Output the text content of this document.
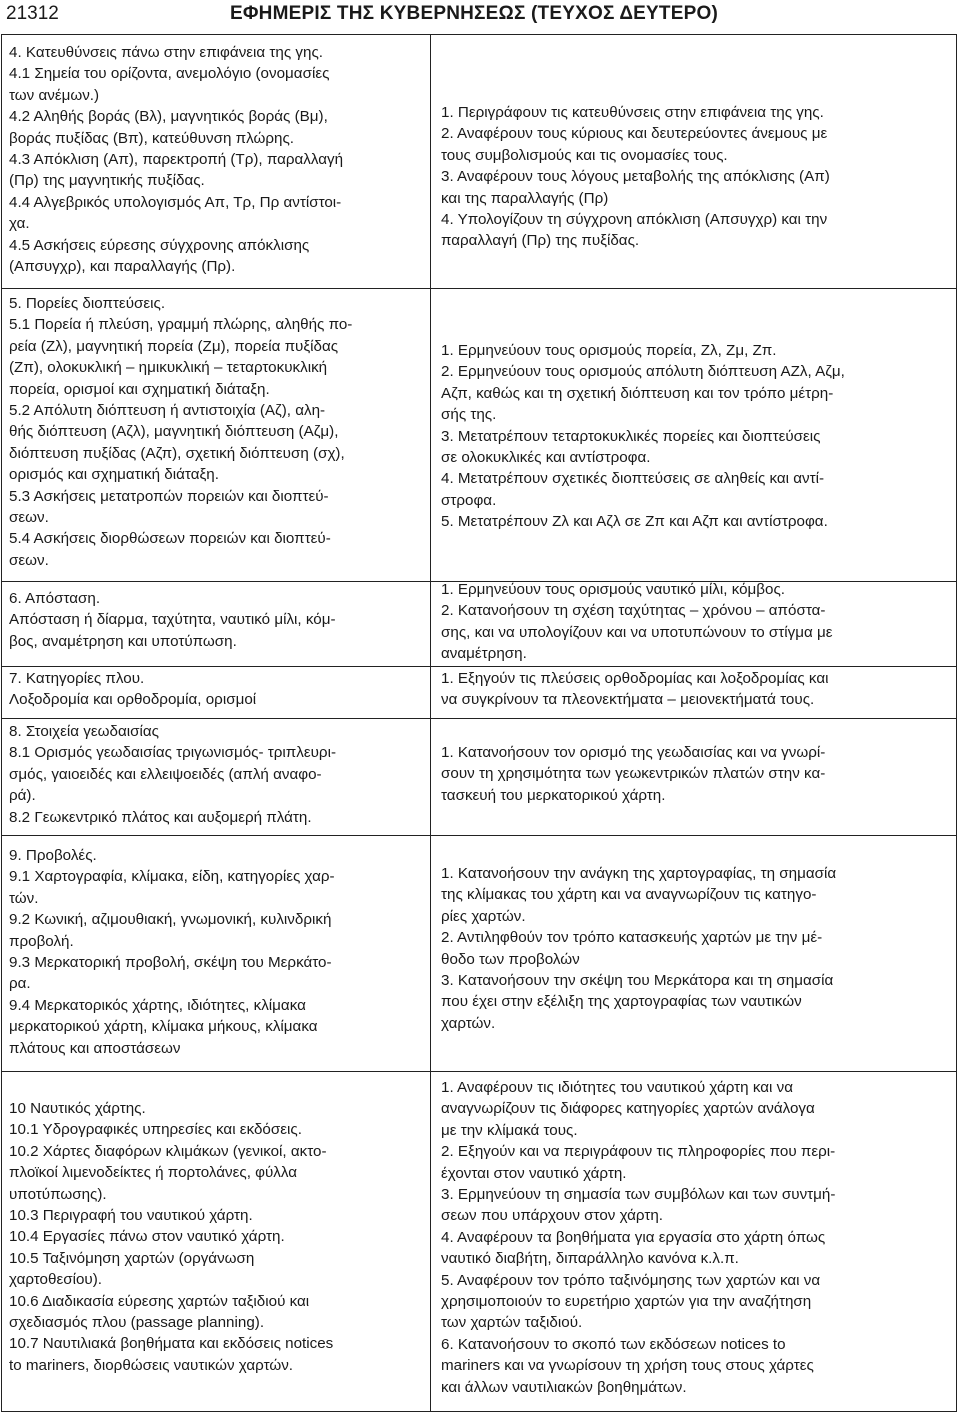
21312	ΕΦΗΜΕΡΙΣ ΤΗΣ ΚΥΒΕΡΝΗΣΕΩΣ (ΤΕΥΧΟΣ ΔΕΥΤΕΡΟ)
4. Κατευθύνσεις πάνω στην επιφάνεια της γης.
4.1 Σημεία του ορίζοντα, ανεμολόγιο (ονομασίες
των ανέμων.)
4.2 Αληθής βοράς (Βλ), μαγνητικός βοράς (Βμ),
βοράς πυξίδας (Βπ), κατεύθυνση πλώρης.
4.3 Απόκλιση (Απ), παρεκτροπή (Τρ), παραλλαγή
(Πρ) της μαγνητικής πυξίδας.
4.4 Αλγεβρικός υπολογισμός Απ, Τρ, Πρ αντίστοι-
χα.
4.5 Ασκήσεις εύρεσης σύγχρονης απόκλισης
(Απσυγχρ), και παραλλαγής (Πρ).
1. Περιγράφουν τις κατευθύνσεις στην επιφάνεια της γης.
2. Αναφέρουν τους κύριους και δευτερεύοντες άνεμους με
τους συμβολισμούς και τις ονομασίες τους.
3. Αναφέρουν τους λόγους μεταβολής της απόκλισης (Απ)
και της παραλλαγής (Πρ)
4. Υπολογίζουν τη σύγχρονη απόκλιση (Απσυγχρ) και την
παραλλαγή (Πρ) της πυξίδας.
5. Πορείες διοπτεύσεις.
5.1 Πορεία ή πλεύση, γραμμή πλώρης, αληθής πο-
ρεία (Ζλ), μαγνητική πορεία (Ζμ), πορεία πυξίδας
(Ζπ), ολοκυκλική – ημικυκλική – τεταρτοκυκλική
πορεία, ορισμοί και σχηματική διάταξη.
5.2 Απόλυτη διόπτευση ή αντιστοιχία (Αζ), αλη-
θής διόπτευση (Αζλ), μαγνητική διόπτευση (Αζμ),
διόπτευση πυξίδας (Αζπ), σχετική διόπτευση (σχ),
ορισμός και σχηματική διάταξη.
5.3 Ασκήσεις μετατροπών πορειών και διοπτεύ-
σεων.
5.4 Ασκήσεις διορθώσεων πορειών και διοπτεύ-
σεων.
1. Ερμηνεύουν τους ορισμούς πορεία, Ζλ, Ζμ, Ζπ.
2. Ερμηνεύουν τους ορισμούς απόλυτη διόπτευση ΑΖλ, Αζμ,
Αζπ, καθώς και τη σχετική διόπτευση και τον τρόπο μέτρη-
σής της.
3. Μετατρέπουν τεταρτοκυκλικές πορείες και διοπτεύσεις
σε ολοκυκλικές και αντίστροφα.
4. Μετατρέπουν σχετικές διοπτεύσεις σε αληθείς και αντί-
στροφα.
5. Μετατρέπουν Ζλ και Αζλ σε Ζπ και Αζπ και αντίστροφα.
6. Απόσταση.
Απόσταση ή δίαρμα, ταχύτητα, ναυτικό μίλι, κόμ-
βος, αναμέτρηση και υποτύπωση.
1. Ερμηνεύουν τους ορισμούς ναυτικό μίλι, κόμβος.
2. Κατανοήσουν τη σχέση ταχύτητας – χρόνου – απόστα-
σης, και να υπολογίζουν και να υποτυπώνουν το στίγμα με
αναμέτρηση.
7. Κατηγορίες πλου.
Λοξοδρομία και ορθοδρομία, ορισμοί
1. Εξηγούν τις πλεύσεις ορθοδρομίας και λοξοδρομίας και
να συγκρίνουν τα πλεονεκτήματα – μειονεκτήματά τους.
8. Στοιχεία γεωδαισίας
8.1 Ορισμός γεωδαισίας τριγωνισμός- τριπλευρι-
σμός, γαιοειδές και ελλειψοειδές (απλή αναφο-
ρά).
8.2 Γεωκεντρικό πλάτος και αυξομερή πλάτη.
1. Κατανοήσουν τον ορισμό της γεωδαισίας και να γνωρί-
σουν τη χρησιμότητα των γεωκεντρικών πλατών στην κα-
τασκευή του μερκατορικού χάρτη.
9. Προβολές.
9.1 Χαρτογραφία, κλίμακα, είδη, κατηγορίες χαρ-
τών.
9.2 Κωνική, αζιμουθιακή, γνωμονική, κυλινδρική
προβολή.
9.3 Μερκατορική προβολή, σκέψη του Μερκάτο-
ρα.
9.4 Μερκατορικός χάρτης, ιδιότητες, κλίμακα
μερκατορικού χάρτη, κλίμακα μήκους, κλίμακα
πλάτους και αποστάσεων
1. Κατανοήσουν την ανάγκη της χαρτογραφίας, τη σημασία
της κλίμακας του χάρτη και να αναγνωρίζουν τις κατηγο-
ρίες χαρτών.
2. Αντιληφθούν τον τρόπο κατασκευής χαρτών με την μέ-
θοδο των προβολών
3. Κατανοήσουν την σκέψη του Μερκάτορα και τη σημασία
που έχει στην εξέλιξη της χαρτογραφίας των ναυτικών
χαρτών.
10 Ναυτικός χάρτης.
10.1 Υδρογραφικές υπηρεσίες και εκδόσεις.
10.2 Χάρτες διαφόρων κλιμάκων (γενικοί, ακτο-
πλοϊκοί λιμενοδείκτες ή πορτολάνες, φύλλα
υποτύπωσης).
10.3 Περιγραφή του ναυτικού χάρτη.
10.4 Εργασίες πάνω στον ναυτικό χάρτη.
10.5 Ταξινόμηση χαρτών (οργάνωση
χαρτοθεσίου).
10.6 Διαδικασία εύρεσης χαρτών ταξιδιού και
σχεδιασμός πλου (passage planning).
10.7 Ναυτιλιακά βοηθήματα και εκδόσεις notices
to mariners, διορθώσεις ναυτικών χαρτών.
1. Αναφέρουν τις ιδιότητες του ναυτικού χάρτη και να
αναγνωρίζουν τις διάφορες κατηγορίες χαρτών ανάλογα
με την κλίμακά τους.
2. Εξηγούν και να περιγράφουν τις πληροφορίες που περι-
έχονται στον ναυτικό χάρτη.
3. Ερμηνεύουν τη σημασία των συμβόλων και των συντμή-
σεων που υπάρχουν στον χάρτη.
4. Αναφέρουν τα βοηθήματα για εργασία στο χάρτη όπως
ναυτικό διαβήτη, διπαράλληλο κανόνα κ.λ.π.
5. Αναφέρουν τον τρόπο ταξινόμησης των χαρτών και να
χρησιμοποιούν το ευρετήριο χαρτών για την αναζήτηση
των χαρτών ταξιδιού.
6. Κατανοήσουν το σκοπό των εκδόσεων notices to
mariners και να γνωρίσουν τη χρήση τους στους χάρτες
και άλλων ναυτιλιακών βοηθημάτων.
